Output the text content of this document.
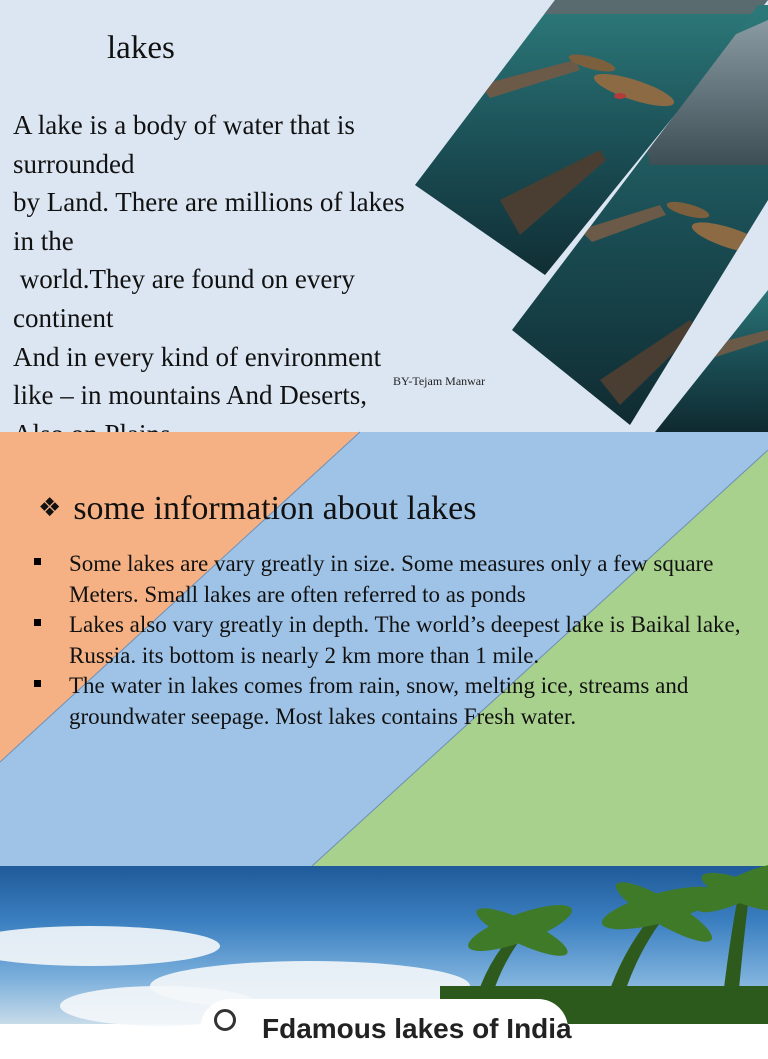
lakes

A lake is a body of water that is

surrounded

by Land. There are millions of lakes

in the

world.They are found on every

continent

And in every kind of environment

like – in mountains And Deserts,	BY-Tejam Manwar
❖ some information about lakes
Some lakes are vary greatly in size. Some measures only a few square Meters. Small lakes are often referred to as ponds
Lakes also vary greatly in depth. The world’s deepest lake is Baikal lake, Russia. its bottom is nearly 2 km more than 1 mile.
The water in lakes comes from rain, snow, melting ice, streams and groundwater seepage. Most lakes contains Fresh water.
Fdamous lakes of India
